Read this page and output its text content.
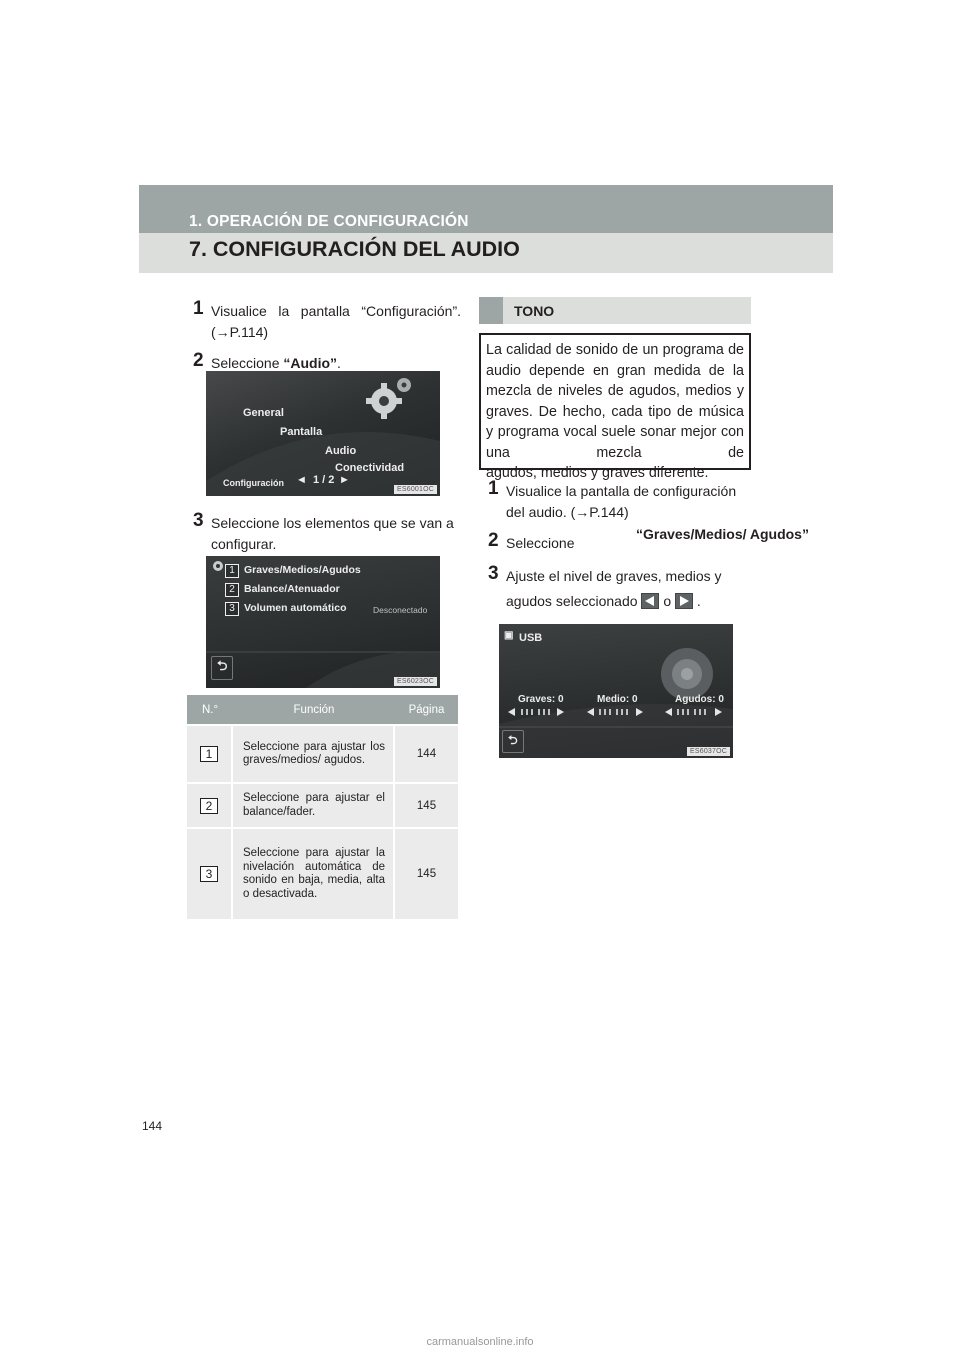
1. OPERACIÓN DE CONFIGURACIÓN
7. CONFIGURACIÓN DEL AUDIO
1 Visualice la pantalla “Configuración”. (→P.114)
2 Seleccione “Audio”.
General
Pantalla
Audio
Conectividad
Configuración ◄ 1 / 2 ►
ES6001OC
3 Seleccione los elementos que se van a configurar.
1 Graves/Medios/Agudos
2 Balance/Atenuador
3 Volumen automático	Desconectado
⮌
ES6023OC
N.°	Función	Página
1	Seleccione para ajustar los graves/medios/ agudos.	144
2	Seleccione para ajustar el balance/fader.	145
3	Seleccione para ajustar la nivelación automática de sonido en baja, media, alta o desactivada.	145
TONO
La calidad de sonido de un programa de audio depende en gran medida de la mezcla de niveles de agudos, medios y graves. De hecho, cada tipo de música y programa vocal suele sonar mejor con una mezcla de
agudos, medios y graves diferente.
1 Visualice la pantalla de configuración del audio. (→P.144)
2 Seleccione
3 Ajuste el nivel de graves, medios y agudos seleccionado
o
.
“Graves/Medios/ Agudos”
▣ USB
Graves: 0	Medio: 0	Agudos: 0
⮌
ES6037OC
144
carmanualsonline.info
